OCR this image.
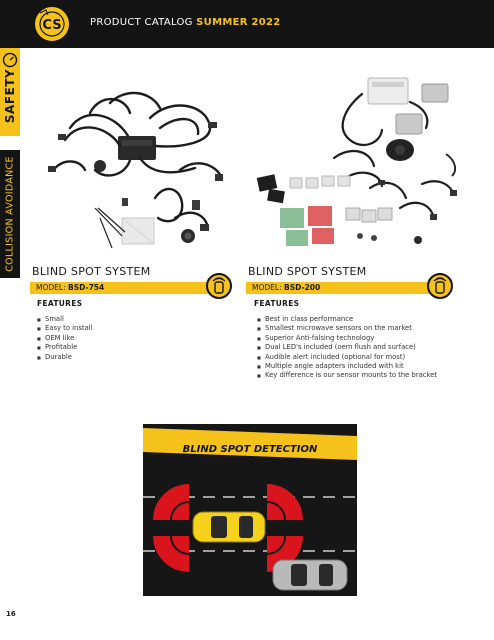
CS	PRODUCT CATALOG SUMMER 2022
SAFETY
COLLISION AVOIDANCE BLIND SPOT SYSTEM
MODEL: BSD-754
FEATURES
■ Small
■ Easy to install
■ OEM like
■ Profitable
■ Durable
BLIND SPOT SYSTEM
MODEL: BSD-200
FEATURES
■ Best in class performance
■ Smallest microwave sensors on the market
■ Superior Anti-falsing technology
■ Dual LED's included (oem flush and surface)
■ Audible alert included (optional for most)
■ Multiple angle adapters included with kit
■ Key difference is our sensor mounts to the bracket
BLIND SPOT DETECTION
16
